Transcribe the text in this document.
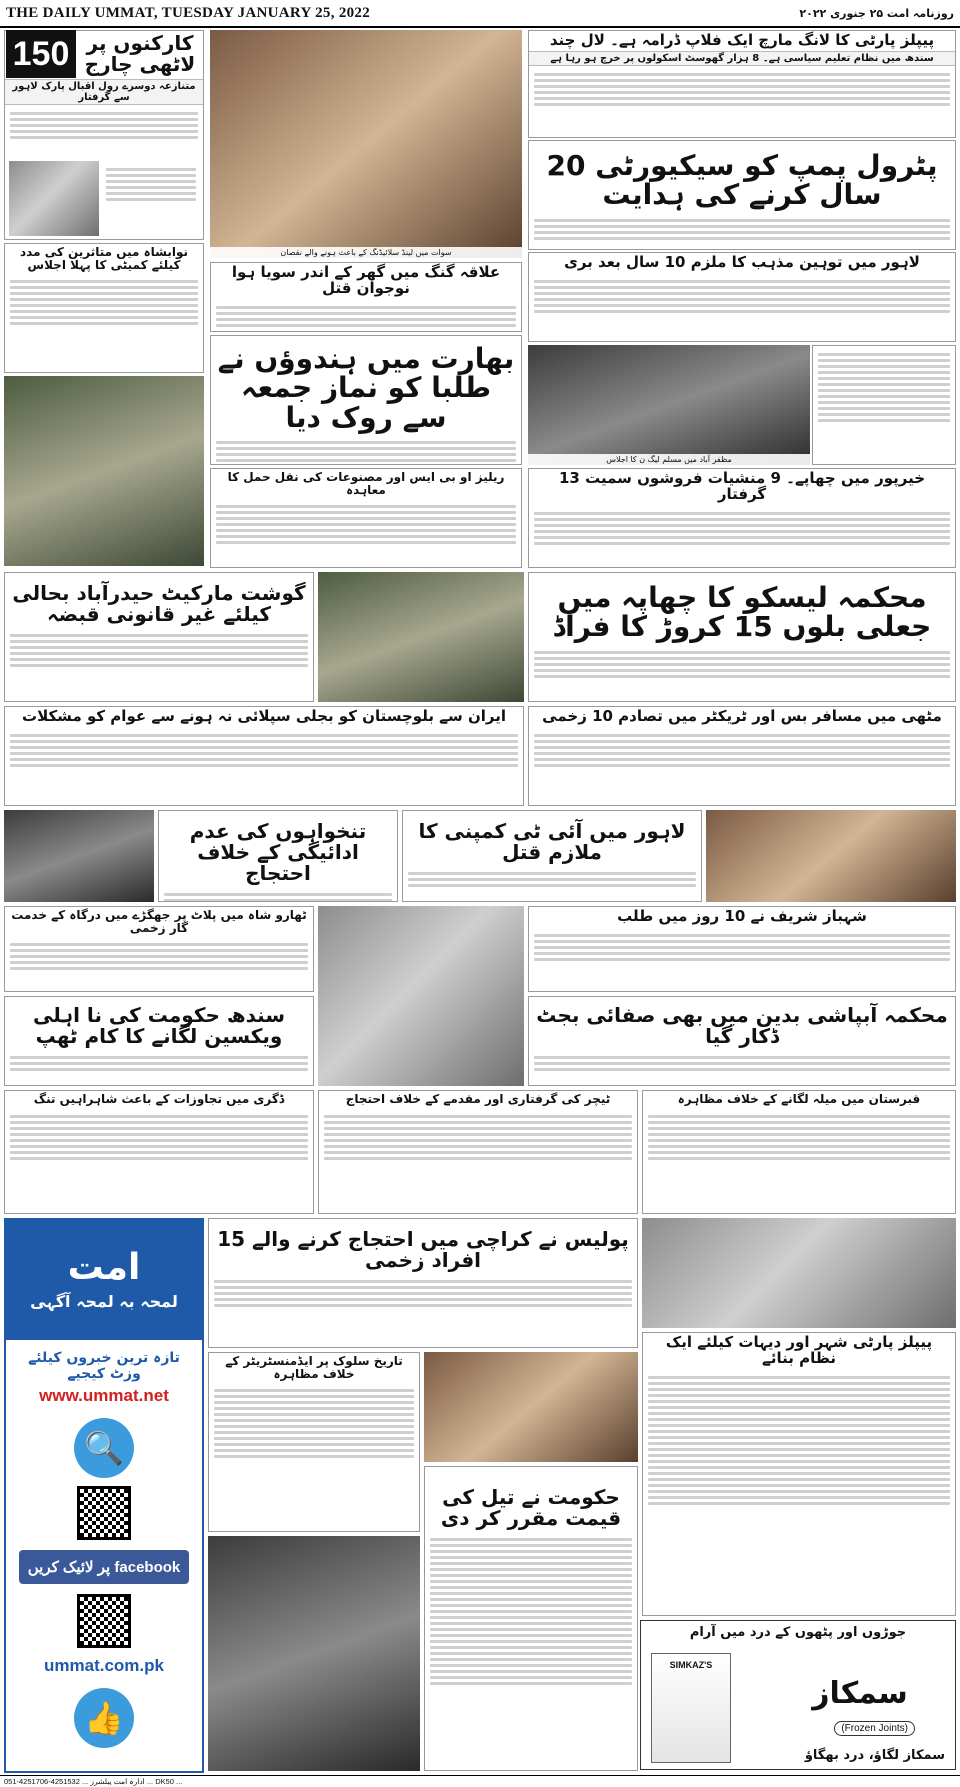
THE DAILY UMMAT, TUESDAY JANUARY 25, 2022	روزنامہ امت ۲۵ جنوری ۲۰۲۲
کارکنوں پر لاٹھی چارج
متنازعہ دوسرے رول اقبال پارک لاہور سے گرفتار
150
نوابشاہ میں متاثرین کی مدد کیلئے کمیٹی کا پہلا اجلاس
سوات میں لینڈ سلائیڈنگ کے باعث ہونے والے نقصان
پیپلز پارٹی کا لانگ مارچ ایک فلاپ ڈرامہ ہے۔ لال چند
سندھ میں نظام تعلیم سیاسی ہے۔ 8 ہزار گھوسٹ اسکولوں پر خرچ ہو رہا ہے
پٹرول پمپ کو سیکیورٹی 20 سال کرنے کی ہدایت
لاہور میں توہین مذہب کا ملزم 10 سال بعد بری
مظفر آباد میں مسلم لیگ ن کا اجلاس
علاقہ گنگ میں گھر کے اندر سویا ہوا نوجوان قتل
بھارت میں ہندوؤں نے طلبا کو نماز جمعہ سے روک دیا
ریلیز او بی ایس اور مصنوعات کی نقل حمل کا معاہدہ
خیرپور میں چھاپے۔ 9 منشیات فروشوں سمیت 13 گرفتار
گوشت مارکیٹ حیدرآباد بحالی کیلئے غیر قانونی قبضہ	محکمہ لیسکو کا چھاپہ میں جعلی بلوں 15 کروڑ کا فراڈ
ایران سے بلوچستان کو بجلی سپلائی نہ ہونے سے عوام کو مشکلات	مٹھی میں مسافر بس اور ٹریکٹر میں تصادم 10 زخمی
تنخواہوں کی عدم ادائیگی کے خلاف احتجاج
لاہور میں آئی ٹی کمپنی کا ملازم قتل
ٹھارو شاہ میں پلاٹ پر جھگڑے میں درگاہ کے خدمت گار زخمی
شہباز شریف نے 10 روز میں طلب
سندھ حکومت کی نا اہلی ویکسین لگانے کا کام ٹھپ
محکمہ آبپاشی بدین میں بھی صفائی بجٹ ڈکار گیا
ڈگری میں تجاوزات کے باعث شاہراہیں تنگ	ٹیچر کی گرفتاری اور مقدمے کے خلاف احتجاج	قبرستان میں میلہ لگانے کے خلاف مظاہرہ
امت
لمحہ بہ لمحہ آگہی
تازہ ترین خبروں کیلئے وزٹ کیجیے
www.ummat.net
🔍
facebook پر لائیک کریں
ummat.com.pk
👍
پولیس نے کراچی میں احتجاج کرنے والے 15 افراد زخمی
تاریخ سلوک پر ایڈمنسٹریٹر کے خلاف مظاہرہ
پیپلز پارٹی شہر اور دیہات کیلئے ایک نظام بنائے
حکومت نے تیل کی قیمت مقرر کر دی
جوڑوں اور پٹھوں کے درد میں آرام
SIMKAZ'S
سمکاز
(Frozen Joints)
سمکاز لگاؤ، درد بھگاؤ
051-4251706-4251532 ... ادارہ امت پبلشرز ... DK50 ...
